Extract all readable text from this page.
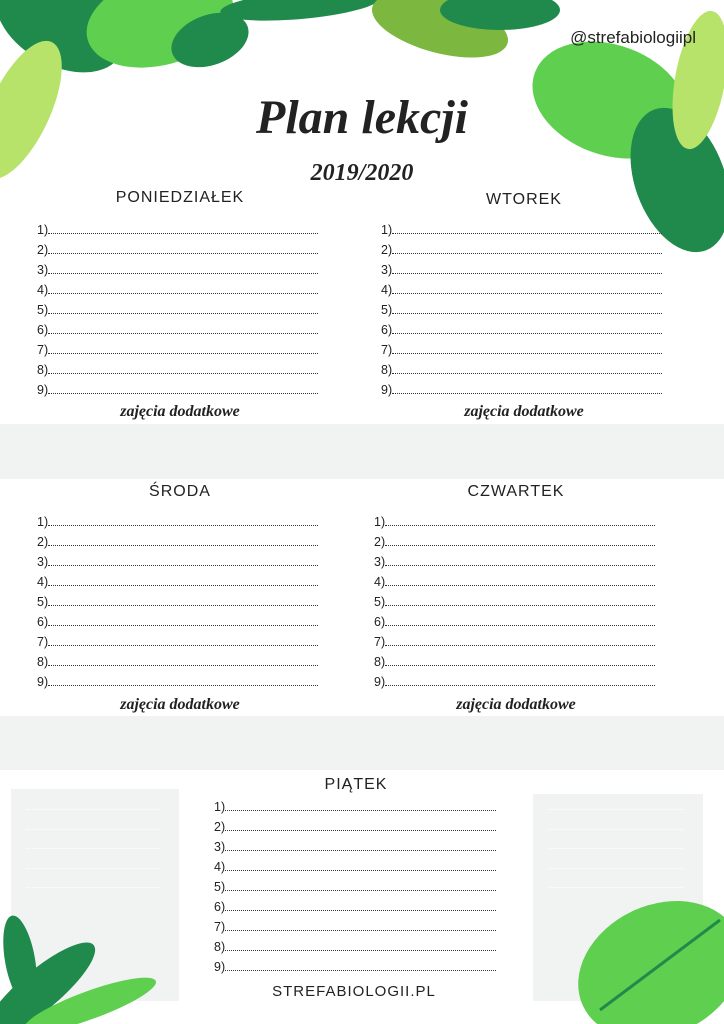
@strefabiologiipl
Plan lekcji
2019/2020
PONIEDZIAŁEK
1)
2)
3)
4)
5)
6)
7)
8)
9)
zajęcia dodatkowe
WTOREK
1)
2)
3)
4)
5)
6)
7)
8)
9)
zajęcia dodatkowe
ŚRODA
1)
2)
3)
4)
5)
6)
7)
8)
9)
zajęcia dodatkowe
CZWARTEK
1)
2)
3)
4)
5)
6)
7)
8)
9)
zajęcia dodatkowe
PIĄTEK
1)
2)
3)
4)
5)
6)
7)
8)
9)
STREFABIOLOGII.PL
